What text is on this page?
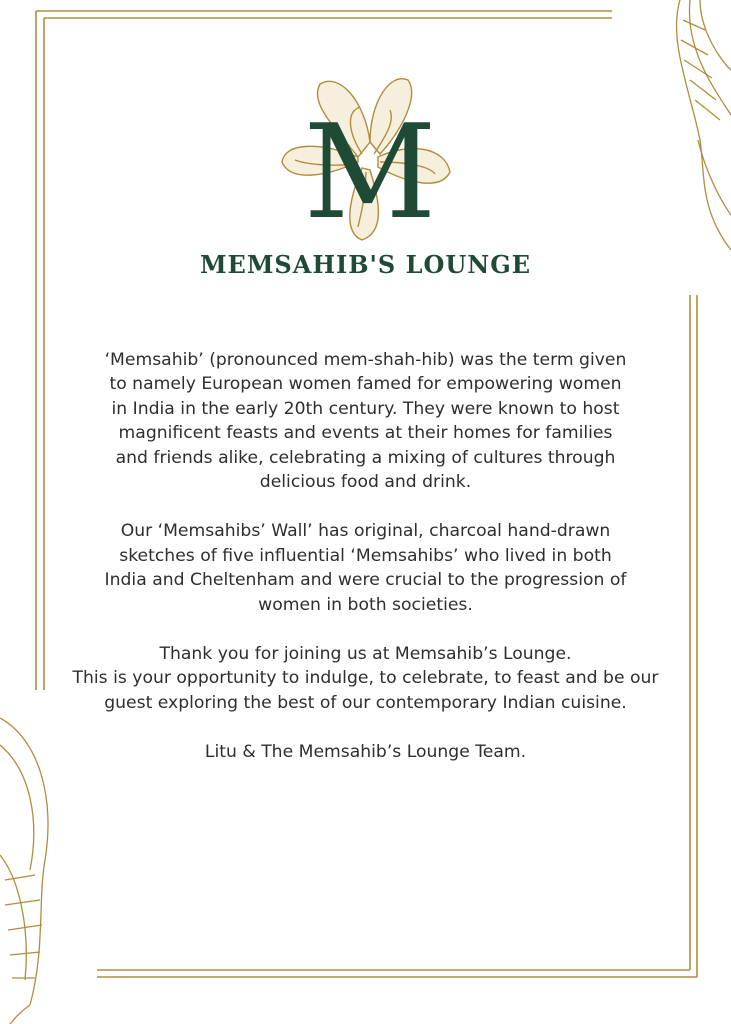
M
MEMSAHIB'S LOUNGE
‘Memsahib’ (pronounced mem-shah-hib) was the term given
to namely European women famed for empowering women
in India in the early 20th century. They were known to host
magnificent feasts and events at their homes for families
and friends alike, celebrating a mixing of cultures through
delicious food and drink.
Our ‘Memsahibs’ Wall’ has original, charcoal hand-drawn
sketches of five influential ‘Memsahibs’ who lived in both
India and Cheltenham and were crucial to the progression of
women in both societies.
Thank you for joining us at Memsahib’s Lounge.
This is your opportunity to indulge, to celebrate, to feast and be our
guest exploring the best of our contemporary Indian cuisine.
Litu & The Memsahib’s Lounge Team.
